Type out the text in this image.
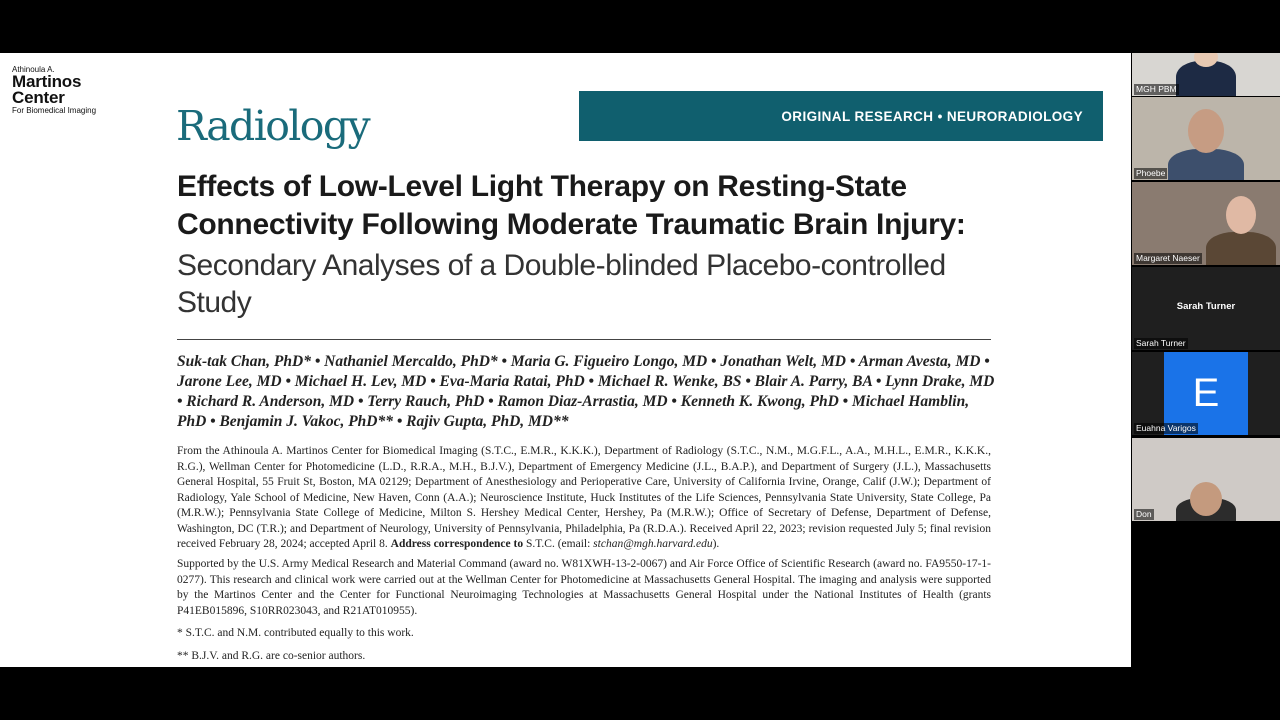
Athinoula A.
Martinos
Center
For Biomedical Imaging	Radiology	ORIGINAL RESEARCH • NEURORADIOLOGY
Effects of Low-Level Light Therapy on Resting-State Connectivity Following Moderate Traumatic Brain Injury:
Secondary Analyses of a Double-blinded Placebo-controlled Study
Suk-tak Chan, PhD* • Nathaniel Mercaldo, PhD* • Maria G. Figueiro Longo, MD • Jonathan Welt, MD • Arman Avesta, MD • Jarone Lee, MD • Michael H. Lev, MD • Eva-Maria Ratai, PhD • Michael R. Wenke, BS • Blair A. Parry, BA • Lynn Drake, MD • Richard R. Anderson, MD • Terry Rauch, PhD • Ramon Diaz-Arrastia, MD • Kenneth K. Kwong, PhD • Michael Hamblin, PhD • Benjamin J. Vakoc, PhD** • Rajiv Gupta, PhD, MD**
From the Athinoula A. Martinos Center for Biomedical Imaging (S.T.C., E.M.R., K.K.K.), Department of Radiology (S.T.C., N.M., M.G.F.L., A.A., M.H.L., E.M.R., K.K.K., R.G.), Wellman Center for Photomedicine (L.D., R.R.A., M.H., B.J.V.), Department of Emergency Medicine (J.L., B.A.P.), and Department of Surgery (J.L.), Massachusetts General Hospital, 55 Fruit St, Boston, MA 02129; Department of Anesthesiology and Perioperative Care, University of California Irvine, Orange, Calif (J.W.); Department of Radiology, Yale School of Medicine, New Haven, Conn (A.A.); Neuroscience Institute, Huck Institutes of the Life Sciences, Pennsylvania State University, State College, Pa (M.R.W.); Pennsylvania State College of Medicine, Milton S. Hershey Medical Center, Hershey, Pa (M.R.W.); Office of Secretary of Defense, Department of Defense, Washington, DC (T.R.); and Department of Neurology, University of Pennsylvania, Philadelphia, Pa (R.D.A.). Received April 22, 2023; revision requested July 5; final revision received February 28, 2024; accepted April 8. Address correspondence to S.T.C. (email: stchan@mgh.harvard.edu).
Supported by the U.S. Army Medical Research and Material Command (award no. W81XWH-13-2-0067) and Air Force Office of Scientific Research (award no. FA9550-17-1-0277). This research and clinical work were carried out at the Wellman Center for Photomedicine at Massachusetts General Hospital. The imaging and analysis were supported by the Martinos Center and the Center for Functional Neuroimaging Technologies at Massachusetts General Hospital under the National Institutes of Health (grants P41EB015896, S10RR023043, and R21AT010955).
* S.T.C. and N.M. contributed equally to this work.
** B.J.V. and R.G. are co-senior authors.
MGH PBM
Phoebe
Margaret Naeser
Sarah Turner
Sarah Turner
E
Euahna Varigos
Don
